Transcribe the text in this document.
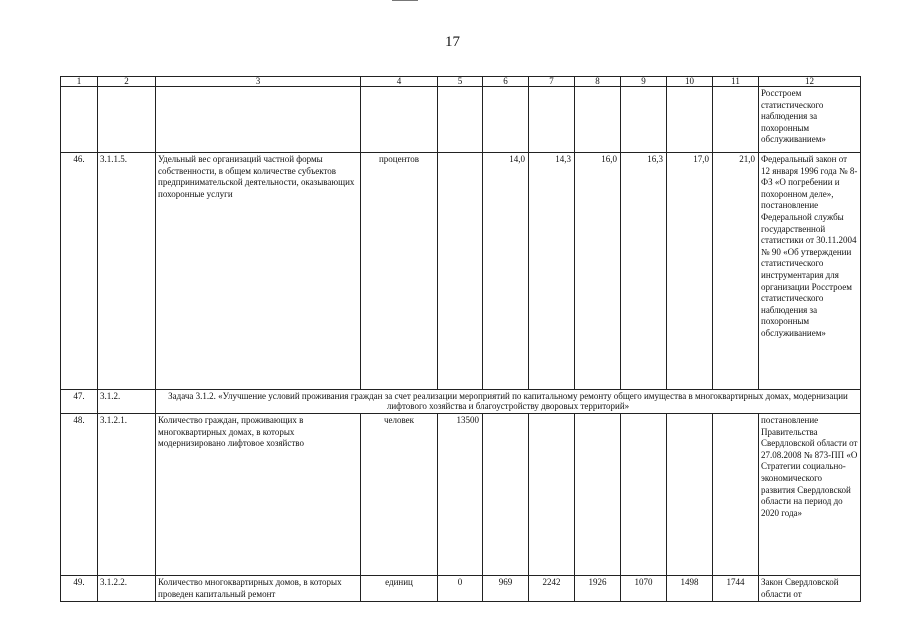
17
1	2	3	4	5	6	7	8	9	10	11	12
											Росстроем статистического наблюдения за похоронным обслуживанием»
46.	3.1.1.5.	Удельный вес организаций частной формы собственности, в общем количестве субъектов предпринимательской деятельности, оказывающих похоронные услуги	процентов		14,0	14,3	16,0	16,3	17,0	21,0	Федеральный закон от 12 января 1996 года № 8-ФЗ «О погребении и похоронном деле», постановление Федеральной службы государственной статистики от 30.11.2004 № 90 «Об утверждении статистического инструментария для организации Росстроем статистического наблюдения за похоронным обслуживанием»
47.	3.1.2.	Задача 3.1.2. «Улучшение условий проживания граждан за счет реализации мероприятий по капитальному ремонту общего имущества в многоквартирных домах, модернизации лифтового хозяйства и благоустройству дворовых территорий»									
48.	3.1.2.1.	Количество граждан, проживающих в многоквартирных домах, в которых модернизировано лифтовое хозяйство	человек	13500							постановление Правительства Свердловской области от 27.08.2008 № 873-ПП «О Стратегии социально-экономического развития Свердловской области на период до 2020 года»
49.	3.1.2.2.	Количество многоквартирных домов, в которых проведен капитальный ремонт	единиц	0	969	2242	1926	1070	1498	1744	Закон Свердловской области от
